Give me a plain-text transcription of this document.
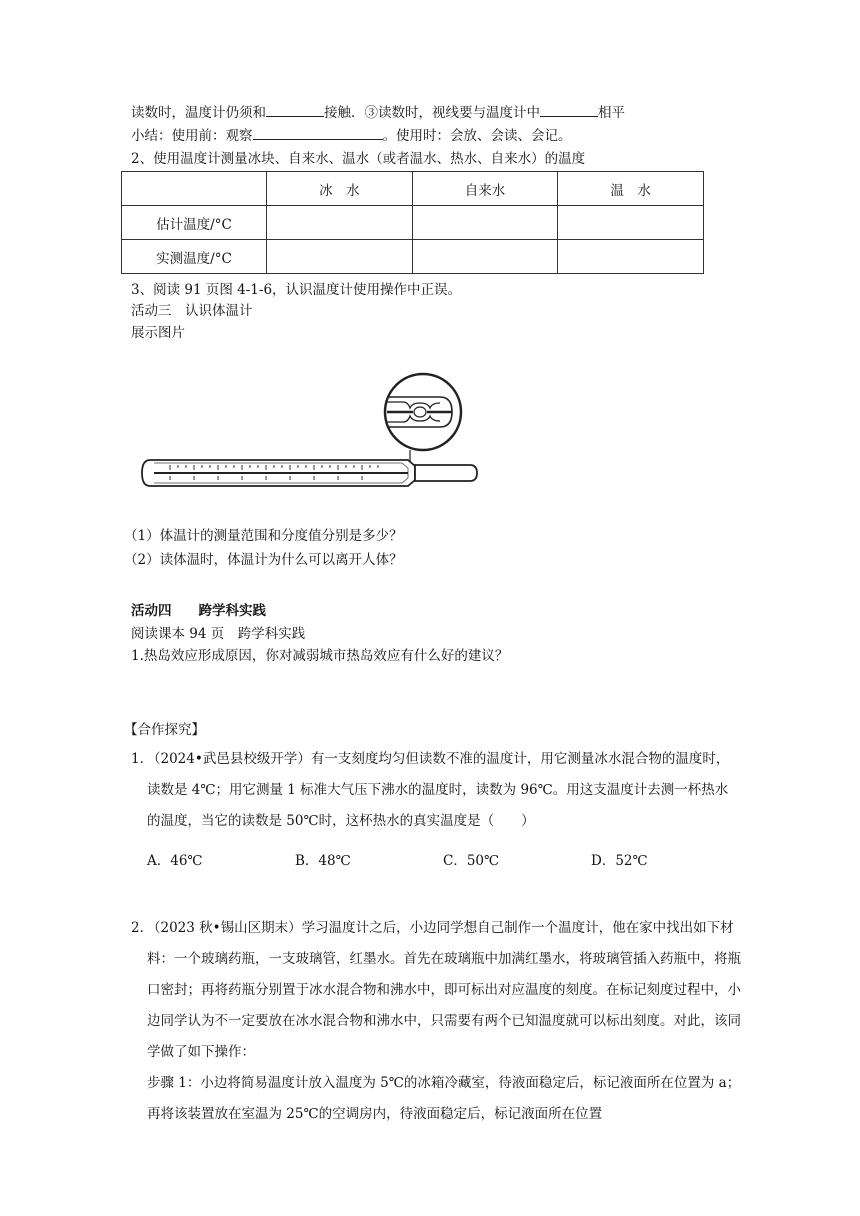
读数时，温度计仍须和	接触．③读数时，视线要与温度计中	相平
小结：使用前：观察	。使用时：会放、会读、会记。
2、使用温度计测量冰块、自来水、温水（或者温水、热水、自来水）的温度
	冰　水	自来水	温　水
估计温度/°C			
实测温度/°C			
3、阅读 91 页图 4-1-6，认识温度计使用操作中正误。
活动三　认识体温计
展示图片
（1）体温计的测量范围和分度值分别是多少？
（2）读体温时，体温计为什么可以离开人体？
活动四　　跨学科实践
阅读课本 94 页　跨学科实践
1.热岛效应形成原因，你对减弱城市热岛效应有什么好的建议？
【合作探究】
1．
（2024•武邑县校级开学）有一支刻度均匀但读数不准的温度计，用它测量冰水混合物的温度时，读数是 4℃；用它测量 1 标准大气压下沸水的温度时，读数为 96℃。用这支温度计去测一杯热水的温度，当它的读数是 50℃时，这杯热水的真实温度是（　　）
A．46℃	B．48℃	C．50℃	D．52℃
2．
（2023 秋•锡山区期末）学习温度计之后，小边同学想自己制作一个温度计，他在家中找出如下材料：一个玻璃药瓶，一支玻璃管，红墨水。首先在玻璃瓶中加满红墨水，将玻璃管插入药瓶中，将瓶口密封；再将药瓶分别置于冰水混合物和沸水中，即可标出对应温度的刻度。在标记刻度过程中，小边同学认为不一定要放在冰水混合物和沸水中，只需要有两个已知温度就可以标出刻度。对此，该同学做了如下操作：
步骤 1：小边将简易温度计放入温度为 5℃的冰箱冷藏室，待液面稳定后，标记液面所在位置为 a；再将该装置放在室温为 25℃的空调房内，待液面稳定后，标记液面所在位置
